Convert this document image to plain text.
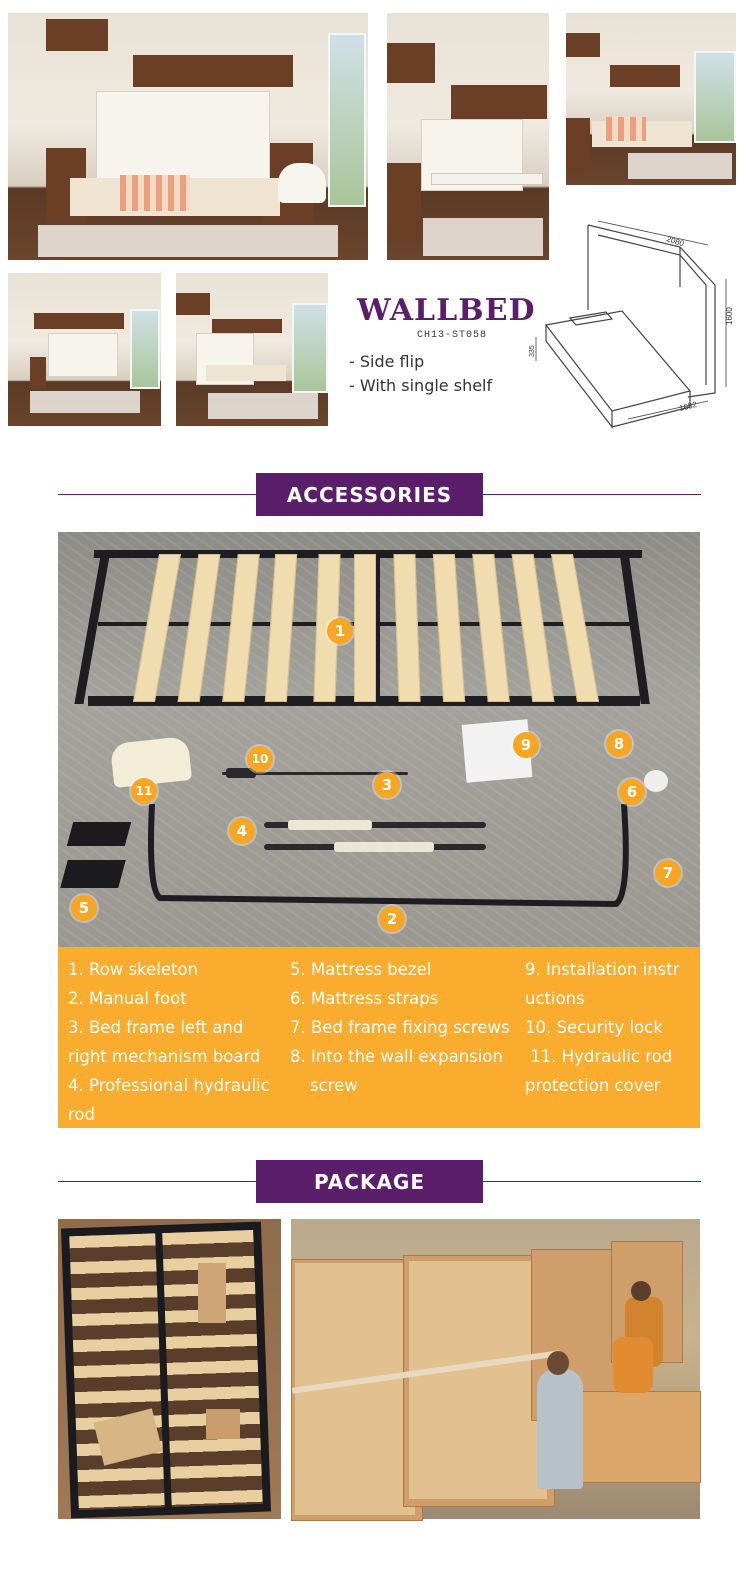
WALLBED
CH13-ST058
- Side flip
- With single shelf
2080
1600
1682
335
ACCESSORIES
1
2
3
4
5
6
7
8
9
10
11
1. Row skeleton
2. Manual foot
3. Bed frame left and
right mechanism board
4. Professional hydraulic
rod
5. Mattress bezel
6. Mattress straps
7. Bed frame fixing screws
8. Into the wall expansion
screw
9. Installation instr
uctions
10. Security lock
11. Hydraulic rod
protection cover
PACKAGE
